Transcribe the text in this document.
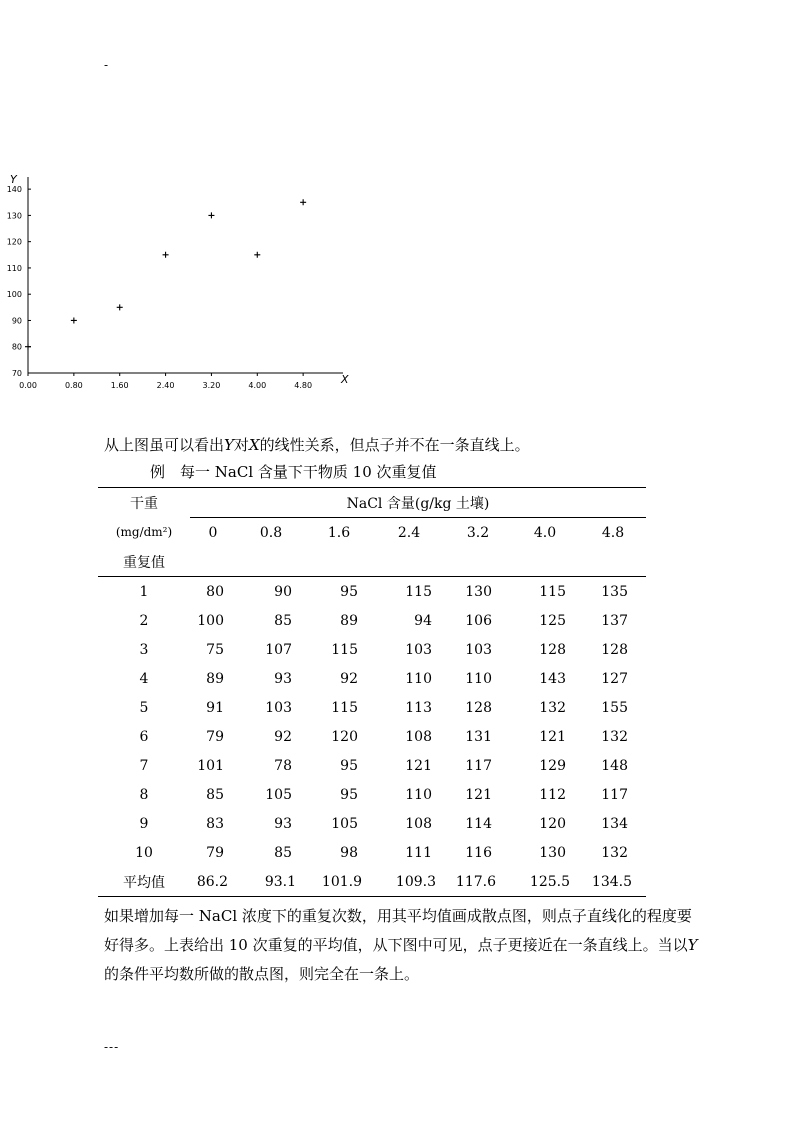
-
70
80
90
100
110
120
130
140
0.00	0.80	1.60	2.40	3.20	4.00	4.80	X
Y
从上图虽可以看出Y对X的线性关系，但点子并不在一条直线上。
例　每一 NaCl 含量下干物质 10 次重复值
干重	NaCl 含量(g/kg 土壤)						
(mg/dm²)	0	0.8	1.6	2.4	3.2	4.0	4.8
重复值							
1	80	90	95	115	130	115	135
2	100	85	89	94	106	125	137
3	75	107	115	103	103	128	128
4	89	93	92	110	110	143	127
5	91	103	115	113	128	132	155
6	79	92	120	108	131	121	132
7	101	78	95	121	117	129	148
8	85	105	95	110	121	112	117
9	83	93	105	108	114	120	134
10	79	85	98	111	116	130	132
平均值	86.2	93.1	101.9	109.3	117.6	125.5	134.5
如果增加每一 NaCl 浓度下的重复次数，用其平均值画成散点图，则点子直线化的程度要好得多。上表给出 10 次重复的平均值，从下图中可见，点子更接近在一条直线上。当以Y的条件平均数所做的散点图，则完全在一条上。
---
